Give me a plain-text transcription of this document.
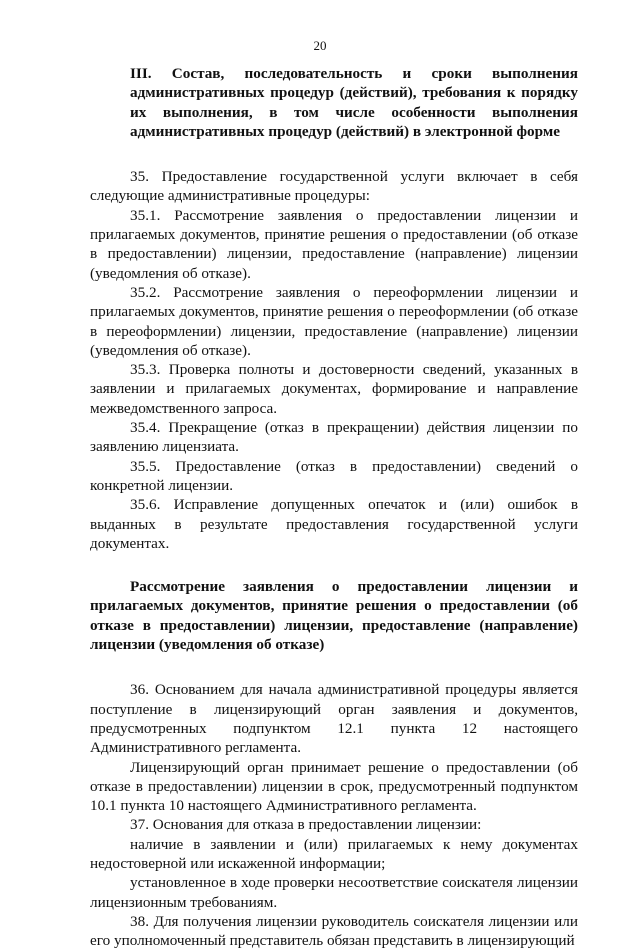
20

III. Состав, последовательность и сроки выполнения административных процедур (действий), требования к порядку их выполнения, в том числе особенности выполнения административных процедур (действий) в электронной форме

35. Предоставление государственной услуги включает в себя следующие административные процедуры:

35.1. Рассмотрение заявления о предоставлении лицензии и прилагаемых документов, принятие решения о предоставлении (об отказе в предоставлении) лицензии, предоставление (направление) лицензии (уведомления об отказе).

35.2. Рассмотрение заявления о переоформлении лицензии и прилагаемых документов, принятие решения о переоформлении (об отказе в переоформлении) лицензии, предоставление (направление) лицензии (уведомления об отказе).

35.3. Проверка полноты и достоверности сведений, указанных в заявлении и прилагаемых документах, формирование и направление межведомственного запроса.

35.4. Прекращение (отказ в прекращении) действия лицензии по заявлению лицензиата.

35.5. Предоставление (отказ в предоставлении) сведений о конкретной лицензии.

35.6. Исправление допущенных опечаток и (или) ошибок в выданных в результате предоставления государственной услуги документах.

Рассмотрение заявления о предоставлении лицензии и прилагаемых документов, принятие решения о предоставлении (об отказе в предоставлении) лицензии, предоставление (направление) лицензии (уведомления об отказе)

36. Основанием для начала административной процедуры является поступление в лицензирующий орган заявления и документов, предусмотренных подпунктом 12.1 пункта 12 настоящего Административного регламента.

Лицензирующий орган принимает решение о предоставлении (об отказе в предоставлении) лицензии в срок, предусмотренный подпунктом 10.1 пункта 10 настоящего Административного регламента.

37. Основания для отказа в предоставлении лицензии:

наличие в заявлении и (или) прилагаемых к нему документах недостоверной или искаженной информации;

установленное в ходе проверки несоответствие соискателя лицензии лицензионным требованиям.

38. Для получения лицензии руководитель соискателя лицензии или его уполномоченный представитель обязан представить в лицензирующий
